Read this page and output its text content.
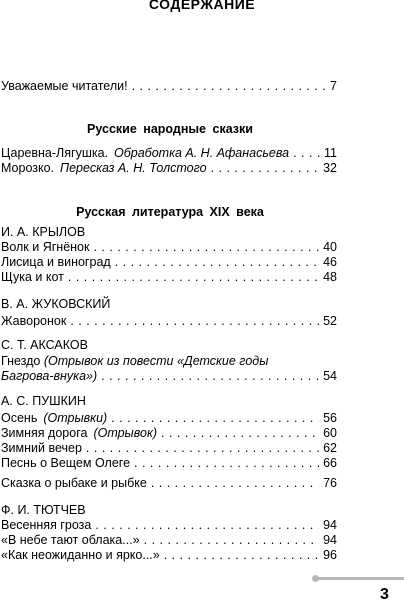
СОДЕРЖАНИЕ
Уважаемые читатели! . . .	7
Русские народные сказки
Царевна-Лягушка. Обработка А. Н. Афанасьева . . .	11
Морозко. Пересказ А. Н. Толстого . . .	32
Русская литература XIX века
И. А. КРЫЛОВ
Волк и Ягнёнок . . .	40
Лисица и виноград . . .	46
Щука и кот . . .	48
В. А. ЖУКОВСКИЙ
Жаворонок . . .	52
С. Т. АКСАКОВ
Гнездо (Отрывок из повести «Детские годы
Багрова-внука») . . .	54
А. С. ПУШКИН
Осень (Отрывки) . . .	56
Зимняя дорога (Отрывок) . . .	60
Зимний вечер . . .	62
Песнь о Вещем Олеге . . .	66
Сказка о рыбаке и рыбке . . .	76
Ф. И. ТЮТЧЕВ
Весенняя гроза . . .	94
«В небе тают облака...» . . .	94
«Как неожиданно и ярко...» . . .	96
3
